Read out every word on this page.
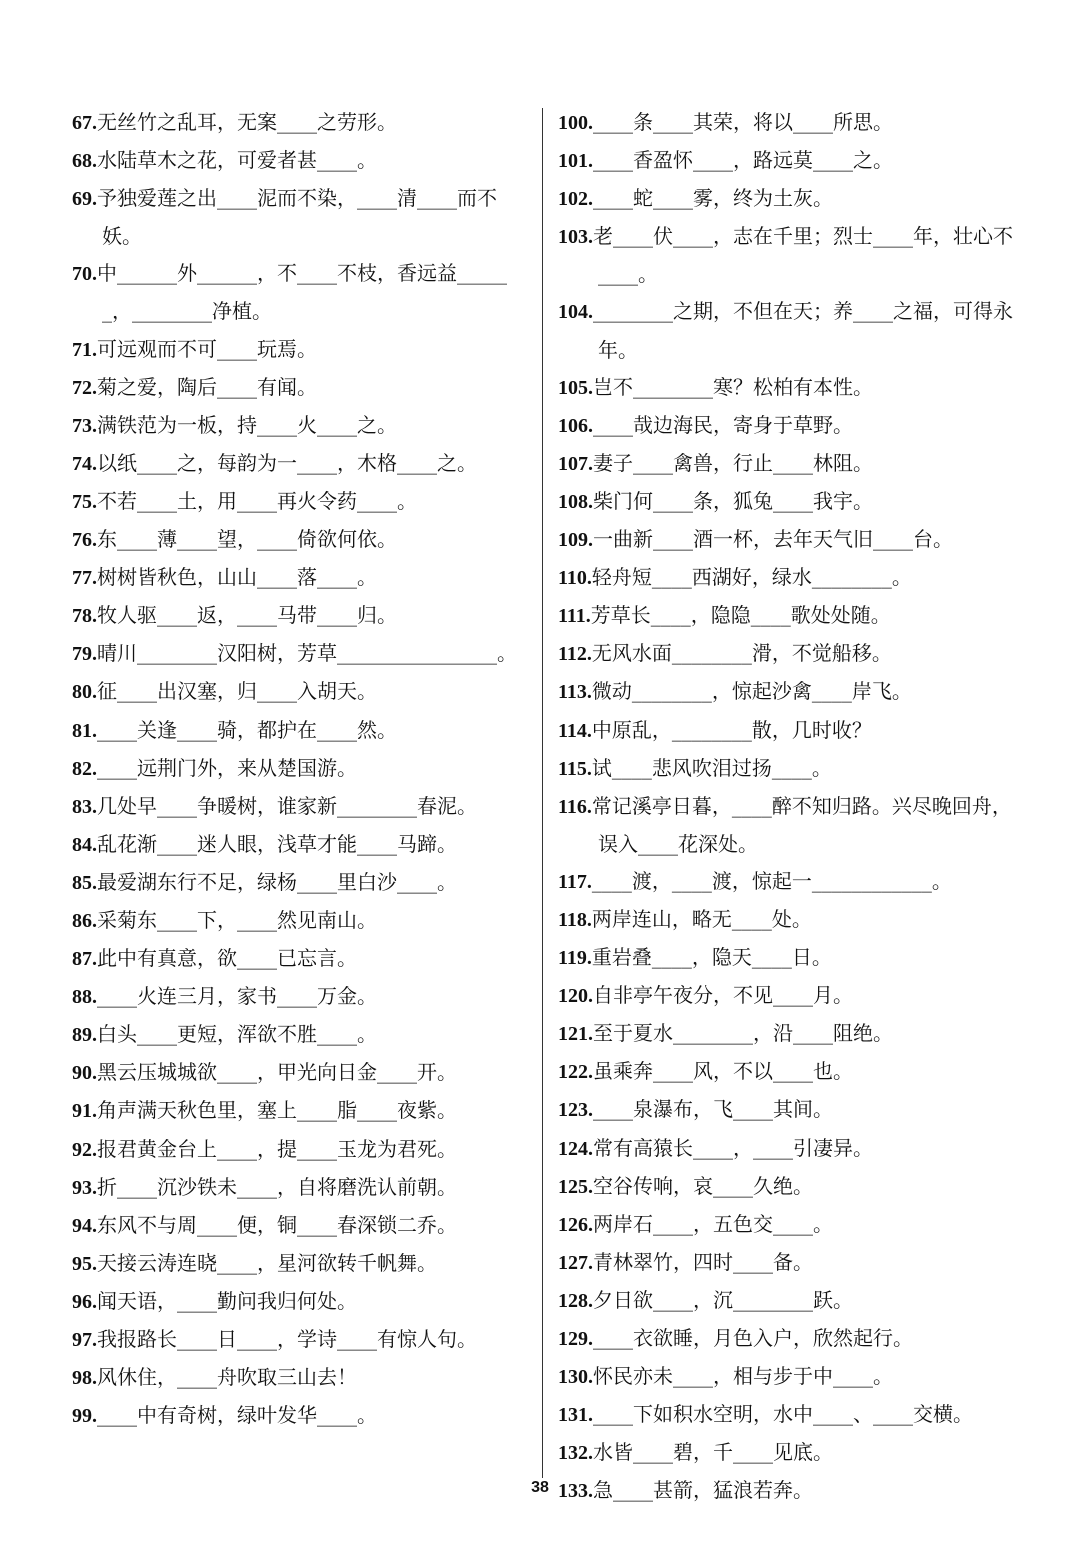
67.无丝竹之乱耳，无案____之劳形。
68.水陆草木之花，可爱者甚____。
69.予独爱莲之出____泥而不染，____清____而不妖。
70.中______外______，不____不枝，香远益______，________净植。
71.可远观而不可____玩焉。
72.菊之爱，陶后____有闻。
73.满铁范为一板，持____火____之。
74.以纸____之，每韵为一____，木格____之。
75.不若____土，用____再火令药____。
76.东____薄____望，____倚欲何依。
77.树树皆秋色，山山____落____。
78.牧人驱____返，____马带____归。
79.晴川________汉阳树，芳草________________。
80.征____出汉塞，归____入胡天。
81.____关逢____骑，都护在____然。
82.____远荆门外，来从楚国游。
83.几处早____争暖树，谁家新________春泥。
84.乱花渐____迷人眼，浅草才能____马蹄。
85.最爱湖东行不足，绿杨____里白沙____。
86.采菊东____下，____然见南山。
87.此中有真意，欲____已忘言。
88.____火连三月，家书____万金。
89.白头____更短，浑欲不胜____。
90.黑云压城城欲____，甲光向日金____开。
91.角声满天秋色里，塞上____脂____夜紫。
92.报君黄金台上____，提____玉龙为君死。
93.折____沉沙铁未____，自将磨洗认前朝。
94.东风不与周____便，铜____春深锁二乔。
95.天接云涛连晓____，星河欲转千帆舞。
96.闻天语，____勤问我归何处。
97.我报路长____日____，学诗____有惊人句。
98.风休住，____舟吹取三山去！
99.____中有奇树，绿叶发华____。
100.____条____其荣，将以____所思。
101.____香盈怀____，路远莫____之。
102.____蛇____雾，终为土灰。
103.老____伏____，志在千里；烈士____年，壮心不____。
104.________之期，不但在天；养____之福，可得永年。
105.岂不________寒？松柏有本性。
106.____哉边海民，寄身于草野。
107.妻子____禽兽，行止____林阻。
108.柴门何____条，狐兔____我宇。
109.一曲新____酒一杯，去年天气旧____台。
110.轻舟短____西湖好，绿水________。
111.芳草长____，隐隐____歌处处随。
112.无风水面________滑，不觉船移。
113.微动________，惊起沙禽____岸飞。
114.中原乱，________散，几时收？
115.试____悲风吹泪过扬____。
116.常记溪亭日暮，____醉不知归路。兴尽晚回舟，误入____花深处。
117.____渡，____渡，惊起一____________。
118.两岸连山，略无____处。
119.重岩叠____，隐天____日。
120.自非亭午夜分，不见____月。
121.至于夏水________，沿____阻绝。
122.虽乘奔____风，不以____也。
123.____泉瀑布，飞____其间。
124.常有高猿长____，____引凄异。
125.空谷传响，哀____久绝。
126.两岸石____，五色交____。
127.青林翠竹，四时____备。
128.夕日欲____，沉________跃。
129.____衣欲睡，月色入户，欣然起行。
130.怀民亦未____，相与步于中____。
131.____下如积水空明，水中____、____交横。
132.水皆____碧，千____见底。
133.急____甚箭，猛浪若奔。
38
